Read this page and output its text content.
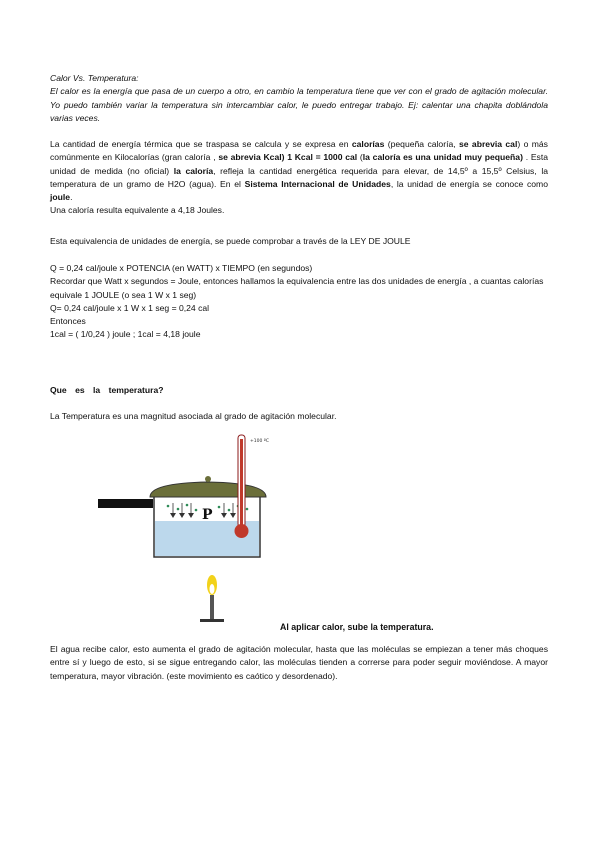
Calor Vs. Temperatura:

El calor es la energía que pasa de un cuerpo a otro, en cambio la temperatura tiene que ver con el grado de agitación molecular. Yo puedo también variar la temperatura sin intercambiar calor, le puedo entregar trabajo. Ej: calentar una chapita doblándola varias veces.

La cantidad de energía térmica que se traspasa se calcula y se expresa en calorías (pequeña caloría, se abrevia cal) o más comúnmente en Kilocalorías (gran caloría , se abrevia Kcal) 1 Kcal = 1000 cal (la caloría es una unidad muy pequeña) . Esta unidad de medida (no oficial) la caloría, refleja la cantidad energética requerida para elevar, de 14,5º a 15,5º Celsius, la temperatura de un gramo de H2O (agua). En el Sistema Internacional de Unidades, la unidad de energía se conoce como joule.

Una caloría resulta equivalente a 4,18 Joules.

Esta equivalencia de unidades de energía, se puede comprobar a través de la LEY DE JOULE

Q = 0,24 cal/joule x POTENCIA (en WATT) x TIEMPO (en segundos)

Recordar que Watt x segundos = Joule, entonces hallamos la equivalencia entre las dos unidades de energía , a cuantas calorías equivale 1 JOULE (o sea 1 W x 1 seg)

Q= 0,24 cal/joule x 1 W x 1 seg = 0,24 cal

Entonces

1cal = ( 1/0,24 ) joule ; 1cal = 4,18 joule

Que es la temperatura?
La Temperatura es una magnitud asociada al grado de agitación molecular.
P
+100 ºC
Al aplicar calor, sube la temperatura.
El agua recibe calor, esto aumenta el grado de agitación molecular, hasta que las moléculas se empiezan a tener más choques entre sí y luego de esto, si se sigue entregando calor, las moléculas tienden a correrse para poder seguir moviéndose. A mayor temperatura, mayor vibración. (este movimiento es caótico y desordenado).
